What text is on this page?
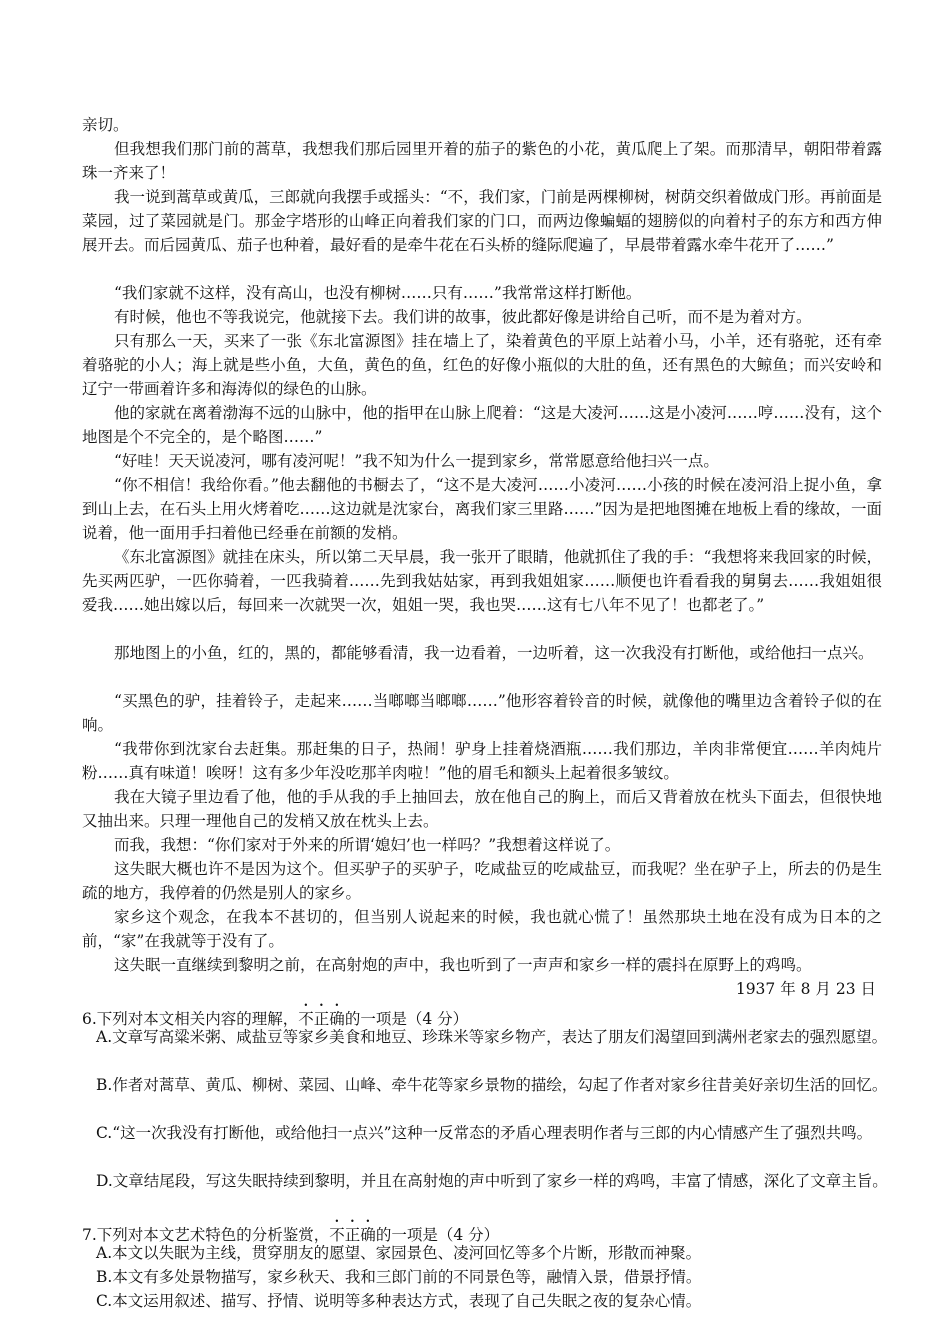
亲切。

但我想我们那门前的蒿草，我想我们那后园里开着的茄子的紫色的小花，黄瓜爬上了架。而那清早，朝阳带着露珠一齐来了！

我一说到蒿草或黄瓜，三郎就向我摆手或摇头：“不，我们家，门前是两棵柳树，树荫交织着做成门形。再前面是菜园，过了菜园就是门。那金字塔形的山峰正向着我们家的门口，而两边像蝙蝠的翅膀似的向着村子的东方和西方伸展开去。而后园黄瓜、茄子也种着，最好看的是牵牛花在石头桥的缝际爬遍了，早晨带着露水牵牛花开了……”

“我们家就不这样，没有高山，也没有柳树……只有……”我常常这样打断他。

有时候，他也不等我说完，他就接下去。我们讲的故事，彼此都好像是讲给自己听，而不是为着对方。

只有那么一天，买来了一张《东北富源图》挂在墙上了，染着黄色的平原上站着小马，小羊，还有骆驼，还有牵着骆驼的小人；海上就是些小鱼，大鱼，黄色的鱼，红色的好像小瓶似的大肚的鱼，还有黑色的大鲸鱼；而兴安岭和辽宁一带画着许多和海涛似的绿色的山脉。

他的家就在离着渤海不远的山脉中，他的指甲在山脉上爬着：“这是大凌河……这是小凌河……哼……没有，这个地图是个不完全的，是个略图……”

“好哇！天天说凌河，哪有凌河呢！”我不知为什么一提到家乡，常常愿意给他扫兴一点。

“你不相信！我给你看。”他去翻他的书橱去了，“这不是大凌河……小凌河……小孩的时候在凌河沿上捉小鱼，拿到山上去，在石头上用火烤着吃……这边就是沈家台，离我们家三里路……”因为是把地图摊在地板上看的缘故，一面说着，他一面用手扫着他已经垂在前额的发梢。

《东北富源图》就挂在床头，所以第二天早晨，我一张开了眼睛，他就抓住了我的手：“我想将来我回家的时候，先买两匹驴，一匹你骑着，一匹我骑着……先到我姑姑家，再到我姐姐家……顺便也许看看我的舅舅去……我姐姐很爱我……她出嫁以后，每回来一次就哭一次，姐姐一哭，我也哭……这有七八年不见了！也都老了。”

那地图上的小鱼，红的，黑的，都能够看清，我一边看着，一边听着，这一次我没有打断他，或给他扫一点兴。

“买黑色的驴，挂着铃子，走起来……当啷啷当啷啷……”他形容着铃音的时候，就像他的嘴里边含着铃子似的在响。

“我带你到沈家台去赶集。那赶集的日子，热闹！驴身上挂着烧酒瓶……我们那边，羊肉非常便宜……羊肉炖片粉……真有味道！唉呀！这有多少年没吃那羊肉啦！”他的眉毛和额头上起着很多皱纹。

我在大镜子里边看了他，他的手从我的手上抽回去，放在他自己的胸上，而后又背着放在枕头下面去，但很快地又抽出来。只理一理他自己的发梢又放在枕头上去。

而我，我想：“你们家对于外来的所谓‘媳妇’也一样吗？”我想着这样说了。

这失眠大概也许不是因为这个。但买驴子的买驴子，吃咸盐豆的吃咸盐豆，而我呢？坐在驴子上，所去的仍是生疏的地方，我停着的仍然是别人的家乡。

家乡这个观念，在我本不甚切的，但当别人说起来的时候，我也就心慌了！虽然那块土地在没有成为日本的之前，“家”在我就等于没有了。

这失眠一直继续到黎明之前，在高射炮的声中，我也听到了一声声和家乡一样的震抖在原野上的鸡鸣。

1937 年 8 月 23 日

6.下列对本文相关内容的理解，不正确的一项是（4 分）

A.文章写高粱米粥、咸盐豆等家乡美食和地豆、珍珠米等家乡物产，表达了朋友们渴望回到满州老家去的强烈愿望。

B.作者对蒿草、黄瓜、柳树、菜园、山峰、牵牛花等家乡景物的描绘，勾起了作者对家乡往昔美好亲切生活的回忆。

C.“这一次我没有打断他，或给他扫一点兴”这种一反常态的矛盾心理表明作者与三郎的内心情感产生了强烈共鸣。

D.文章结尾段，写这失眠持续到黎明，并且在高射炮的声中听到了家乡一样的鸡鸣，丰富了情感，深化了文章主旨。

7.下列对本文艺术特色的分析鉴赏，不正确的一项是（4 分）

A.本文以失眠为主线，贯穿朋友的愿望、家园景色、凌河回忆等多个片断，形散而神聚。

B.本文有多处景物描写，家乡秋天、我和三郎门前的不同景色等，融情入景，借景抒情。

C.本文运用叙述、描写、抒情、说明等多种表达方式，表现了自己失眠之夜的复杂心情。
